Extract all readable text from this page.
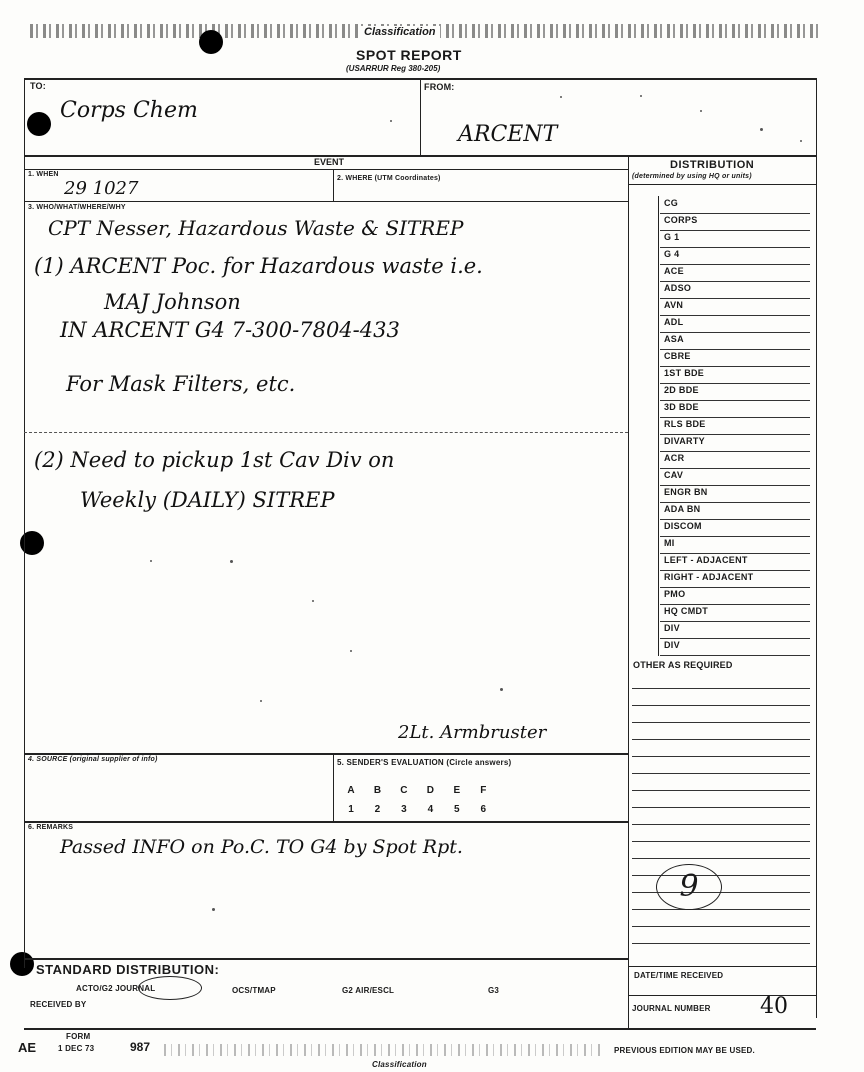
Classification
SPOT REPORT
(USARRUR Reg 380-205)
TO:
Corps Chem
FROM:
ARCENT
EVENT
1. WHEN
29 1027	2. WHERE (UTM Coordinates)
3. WHO/WHAT/WHERE/WHY
CPT Nesser, Hazardous Waste & SITREP
(1) ARCENT Poc. for Hazardous waste i.e.
MAJ Johnson
IN ARCENT G4 7-300-7804-433
For Mask Filters, etc.
(2) Need to pickup 1st Cav Div on
Weekly (DAILY) SITREP
2Lt. Armbruster
DISTRIBUTION
(determined by using HQ or units)
CG
CORPS
G 1
G 4
ACE
ADSO
AVN
ADL
ASA
CBRE
1ST BDE
2D BDE
3D BDE
RLS BDE
DIVARTY
ACR
CAV
ENGR BN
ADA BN
DISCOM
MI
LEFT - ADJACENT
RIGHT - ADJACENT
PMO
HQ CMDT
DIV
DIV
OTHER AS REQUIRED
9
DATE/TIME RECEIVED
JOURNAL NUMBER 40
4. SOURCE (original supplier of info)	5. SENDER'S EVALUATION (Circle answers)
A B C D E F
1 2 3 4 5 6
6. REMARKS
Passed INFO on Po.C. TO G4 by Spot Rpt.
STANDARD DISTRIBUTION:
ACTO/G2 JOURNAL	OCS/TMAP	G2 AIR/ESCL	G3
RECEIVED BY
FORM
AE	1 DEC 73	987
Classification
PREVIOUS EDITION MAY BE USED.
